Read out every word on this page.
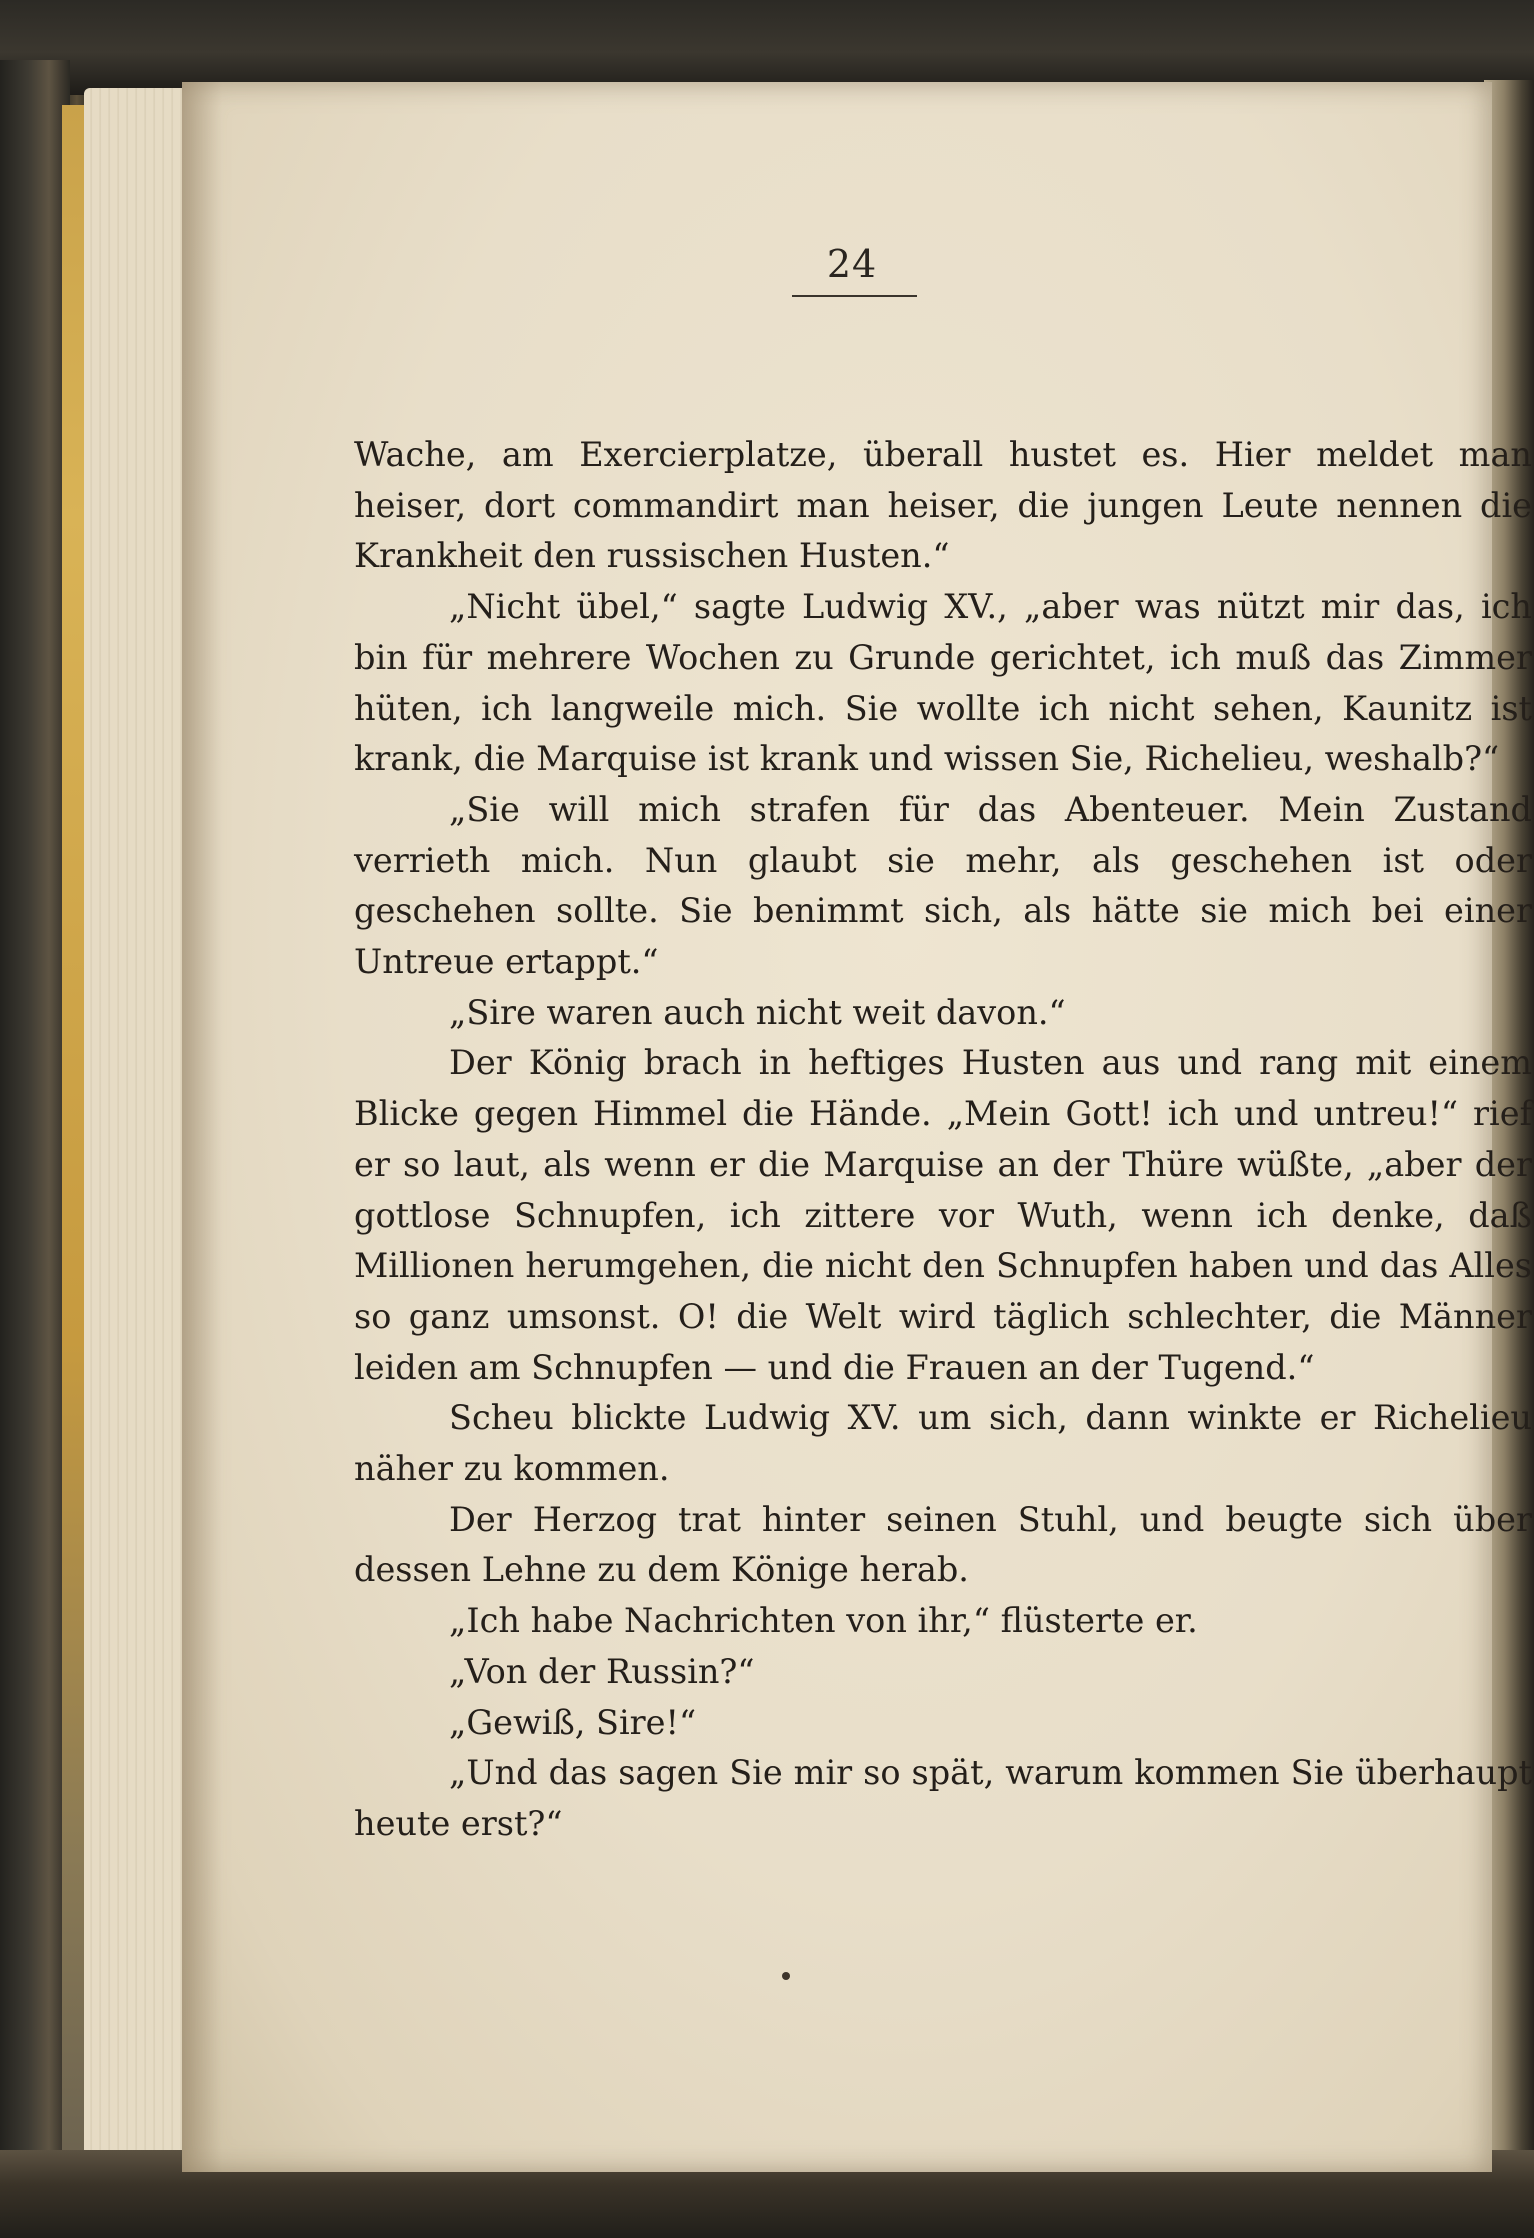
24

Wache, am Exercierplatze, überall hustet es. Hier meldet man heiser, dort commandirt man heiser, die jungen Leute nennen die Krankheit den russischen Husten.“

„Nicht übel,“ sagte Ludwig XV., „aber was nützt mir das, ich bin für mehrere Wochen zu Grunde gerichtet, ich muß das Zimmer hüten, ich langweile mich. Sie wollte ich nicht sehen, Kaunitz ist krank, die Marquise ist krank und wissen Sie, Richelieu, weshalb?“

„Sie will mich strafen für das Abenteuer. Mein Zustand verrieth mich. Nun glaubt sie mehr, als geschehen ist oder geschehen sollte. Sie benimmt sich, als hätte sie mich bei einer Untreue ertappt.“

„Sire waren auch nicht weit davon.“

Der König brach in heftiges Husten aus und rang mit einem Blicke gegen Himmel die Hände. „Mein Gott! ich und untreu!“ rief er so laut, als wenn er die Marquise an der Thüre wüßte, „aber der gottlose Schnupfen, ich zittere vor Wuth, wenn ich denke, daß Millionen herumgehen, die nicht den Schnupfen haben und das Alles so ganz umsonst. O! die Welt wird täglich schlechter, die Männer leiden am Schnupfen — und die Frauen an der Tugend.“

Scheu blickte Ludwig XV. um sich, dann winkte er Richelieu näher zu kommen.

Der Herzog trat hinter seinen Stuhl, und beugte sich über dessen Lehne zu dem Könige herab.

„Ich habe Nachrichten von ihr,“ flüsterte er.

„Von der Russin?“

„Gewiß, Sire!“

„Und das sagen Sie mir so spät, warum kommen Sie überhaupt heute erst?“
